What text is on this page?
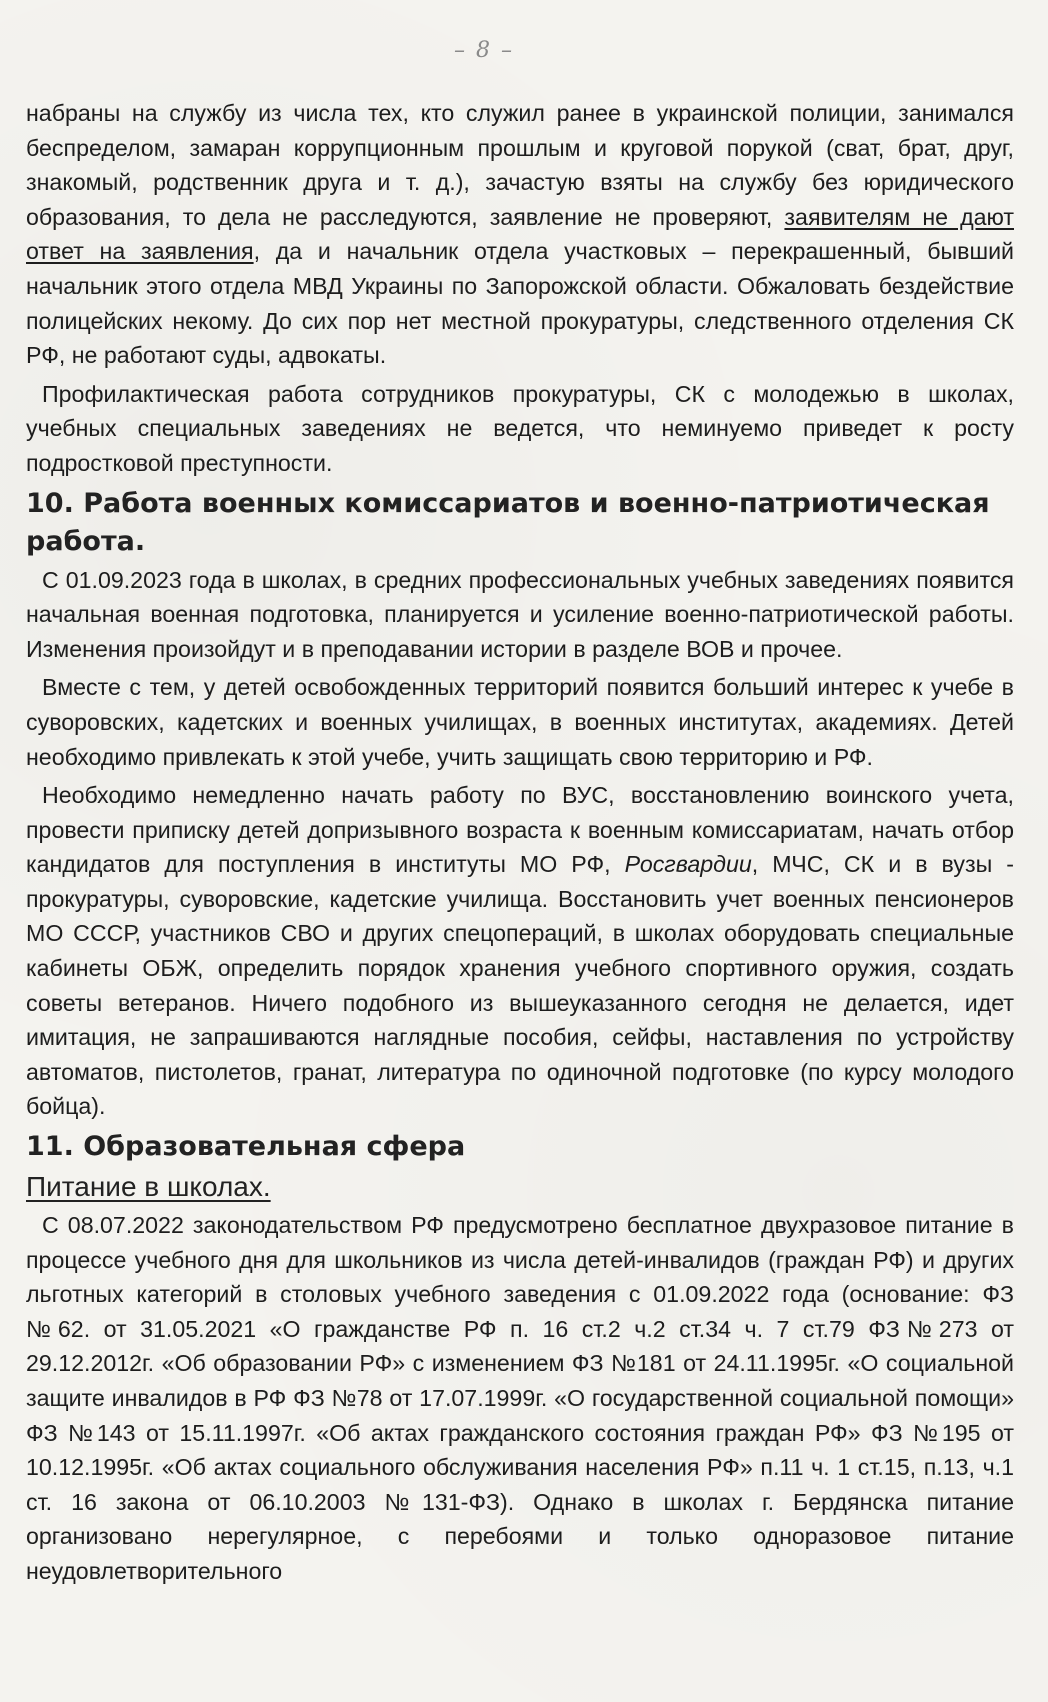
– 8 –

набраны на службу из числа тех, кто служил ранее в украинской полиции, занимался беспределом, замаран коррупционным прошлым и круговой порукой (сват, брат, друг, знакомый, родственник друга и т. д.), зачастую взяты на службу без юридического образования, то дела не расследуются, заявление не проверяют, заявителям не дают ответ на заявления, да и начальник отдела участковых – перекрашенный, бывший начальник этого отдела МВД Украины по Запорожской области. Обжаловать бездействие полицейских некому. До сих пор нет местной прокуратуры, следственного отделения СК РФ, не работают суды, адвокаты.

Профилактическая работа сотрудников прокуратуры, СК с молодежью в школах, учебных специальных заведениях не ведется, что неминуемо приведет к росту подростковой преступности.

10. Работа военных комиссариатов и военно-патриотическая работа.

С 01.09.2023 года в школах, в средних профессиональных учебных заведениях появится начальная военная подготовка, планируется и усиление военно-патриотической работы. Изменения произойдут и в преподавании истории в разделе ВОВ и прочее.

Вместе с тем, у детей освобожденных территорий появится больший интерес к учебе в суворовских, кадетских и военных училищах, в военных институтах, академиях. Детей необходимо привлекать к этой учебе, учить защищать свою территорию и РФ.

Необходимо немедленно начать работу по ВУС, восстановлению воинского учета, провести приписку детей допризывного возраста к военным комиссариатам, начать отбор кандидатов для поступления в институты МО РФ, Росгвардии, МЧС, СК и в вузы - прокуратуры, суворовские, кадетские училища. Восстановить учет военных пенсионеров МО СССР, участников СВО и других спецопераций, в школах оборудовать специальные кабинеты ОБЖ, определить порядок хранения учебного спортивного оружия, создать советы ветеранов. Ничего подобного из вышеуказанного сегодня не делается, идет имитация, не запрашиваются наглядные пособия, сейфы, наставления по устройству автоматов, пистолетов, гранат, литература по одиночной подготовке (по курсу молодого бойца).

11. Образовательная сфера
Питание в школах.

С 08.07.2022 законодательством РФ предусмотрено бесплатное двухразовое питание в процессе учебного дня для школьников из числа детей-инвалидов (граждан РФ) и других льготных категорий в столовых учебного заведения с 01.09.2022 года (основание: ФЗ №62. от 31.05.2021 «О гражданстве РФ п. 16 ст.2 ч.2 ст.34 ч. 7 ст.79 ФЗ№273 от 29.12.2012г. «Об образовании РФ» с изменением ФЗ №181 от 24.11.1995г. «О социальной защите инвалидов в РФ ФЗ №78 от 17.07.1999г. «О государственной социальной помощи» ФЗ №143 от 15.11.1997г. «Об актах гражданского состояния граждан РФ» ФЗ №195 от 10.12.1995г. «Об актах социального обслуживания населения РФ» п.11 ч. 1 ст.15, п.13, ч.1 ст. 16 закона от 06.10.2003 №131-ФЗ). Однако в школах г. Бердянска питание организовано нерегулярное, с перебоями и только одноразовое питание неудовлетворительного
